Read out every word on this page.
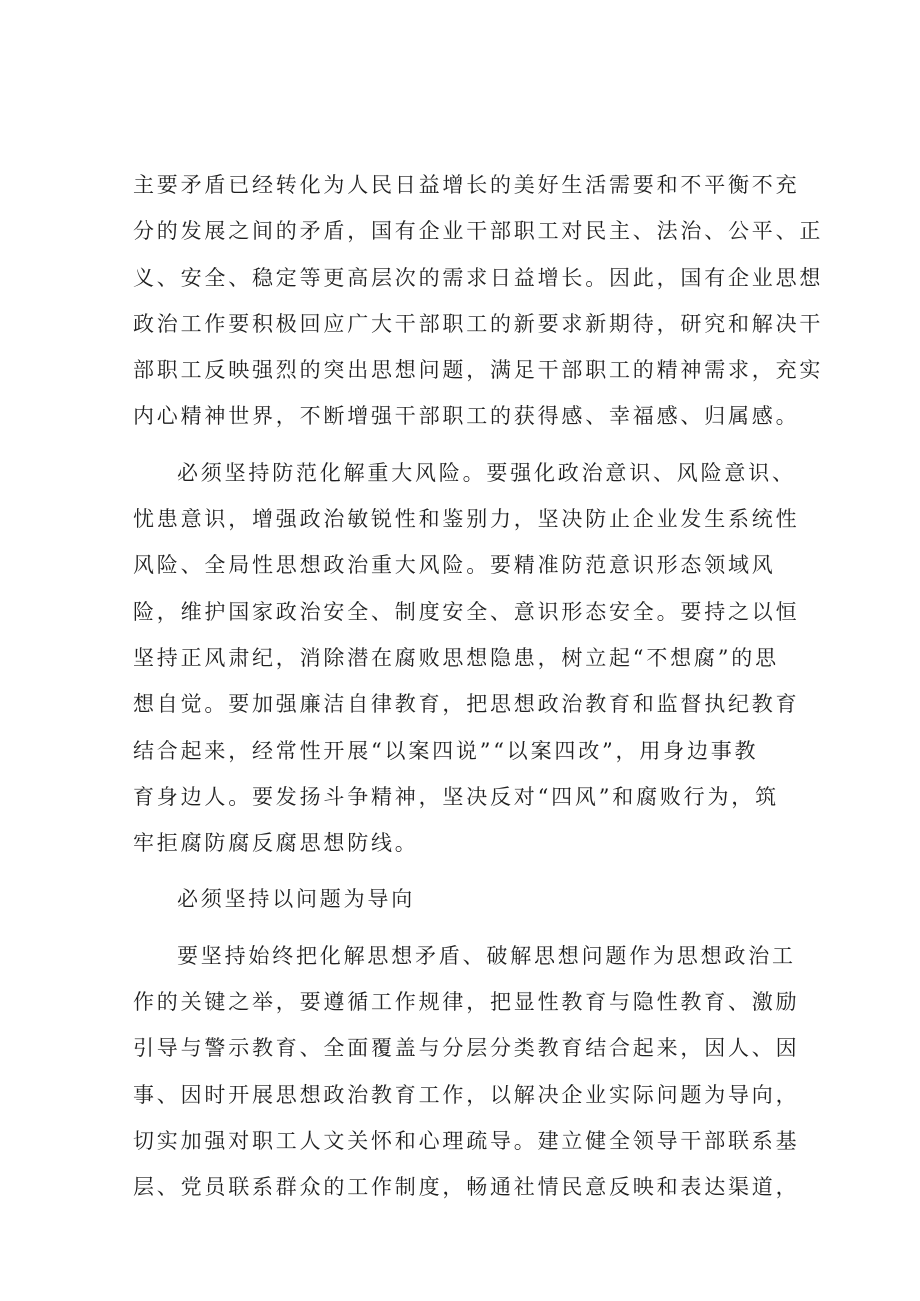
主要矛盾已经转化为人民日益增长的美好生活需要和不平衡不充
分的发展之间的矛盾，国有企业干部职工对民主、法治、公平、正
义、安全、稳定等更高层次的需求日益增长。因此，国有企业思想
政治工作要积极回应广大干部职工的新要求新期待，研究和解决干
部职工反映强烈的突出思想问题，满足干部职工的精神需求，充实
内心精神世界，不断增强干部职工的获得感、幸福感、归属感。
必须坚持防范化解重大风险。要强化政治意识、风险意识、
忧患意识，增强政治敏锐性和鉴别力，坚决防止企业发生系统性
风险、全局性思想政治重大风险。要精准防范意识形态领域风
险，维护国家政治安全、制度安全、意识形态安全。要持之以恒
坚持正风肃纪，消除潜在腐败思想隐患，树立起“不想腐”的思
想自觉。要加强廉洁自律教育，把思想政治教育和监督执纪教育
结合起来，经常性开展“以案四说”“以案四改”，用身边事教
育身边人。要发扬斗争精神，坚决反对“四风”和腐败行为，筑
牢拒腐防腐反腐思想防线。
必须坚持以问题为导向
要坚持始终把化解思想矛盾、破解思想问题作为思想政治工
作的关键之举，要遵循工作规律，把显性教育与隐性教育、激励
引导与警示教育、全面覆盖与分层分类教育结合起来，因人、因
事、因时开展思想政治教育工作，以解决企业实际问题为导向，
切实加强对职工人文关怀和心理疏导。建立健全领导干部联系基
层、党员联系群众的工作制度，畅通社情民意反映和表达渠道，
